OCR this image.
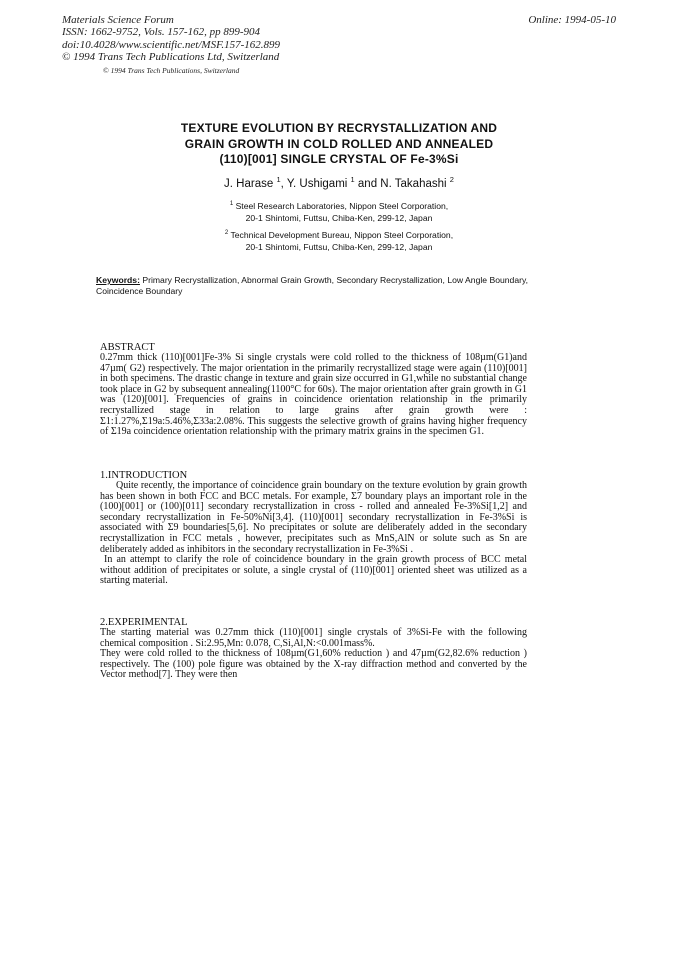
Materials Science Forum
ISSN: 1662-9752, Vols. 157-162, pp 899-904
doi:10.4028/www.scientific.net/MSF.157-162.899
© 1994 Trans Tech Publications Ltd, Switzerland
Online: 1994-05-10
© 1994 Trans Tech Publications, Switzerland
TEXTURE EVOLUTION BY RECRYSTALLIZATION AND
GRAIN GROWTH IN COLD ROLLED AND ANNEALED
(110)[001] SINGLE CRYSTAL OF Fe-3%Si
J. Harase $^1$, Y. Ushigami $^1$ and N. Takahashi $^2$
$^1$ Steel Research Laboratories, Nippon Steel Corporation,
20-1 Shintomi, Futtsu, Chiba-Ken, 299-12, Japan
$^2$ Technical Development Bureau, Nippon Steel Corporation,
20-1 Shintomi, Futtsu, Chiba-Ken, 299-12, Japan
Keywords: Primary Recrystallization, Abnormal Grain Growth, Secondary Recrystallization, Low Angle Boundary, Coincidence Boundary
ABSTRACT

0.27mm thick (110)[001]Fe-3% Si single crystals were cold rolled to the thickness of 108µm(G1)and 47µm( G2) respectively. The major orientation in the primarily recrystallized stage were again (110)[001] in both specimens. The drastic change in texture and grain size occurred in G1,while no substantial change took place in G2 by subsequent annealing(1100°C for 60s). The major orientation after grain growth in G1 was (120)[001]. Frequencies of grains in coincidence orientation relationship in the primarily recrystallized stage in relation to large grains after grain growth were : Σ1:1.27%,Σ19a:5.46%,Σ33a:2.08%. This suggests the selective growth of grains having higher frequency of Σ19a coincidence orientation relationship with the primary matrix grains in the specimen G1.

1.INTRODUCTION

Quite recently, the importance of coincidence grain boundary on the texture evolution by grain growth has been shown in both FCC and BCC metals. For example, Σ7 boundary plays an important role in the (100)[001] or (100)[011] secondary recrystallization in cross - rolled and annealed Fe-3%Si[1,2] and secondary recrystallization in Fe-50%Ni[3,4]. (110)[001] secondary recrystallization in Fe-3%Si is associated with Σ9 boundaries[5,6]. No precipitates or solute are deliberately added in the secondary recrystallization in FCC metals , however, precipitates such as MnS,AlN or solute such as Sn are deliberately added as inhibitors in the secondary recrystallization in Fe-3%Si .

In an attempt to clarify the role of coincidence boundary in the grain growth process of BCC metal without addition of precipitates or solute, a single crystal of (110)[001] oriented sheet was utilized as a starting material.

2.EXPERIMENTAL

The starting material was 0.27mm thick (110)[001] single crystals of 3%Si-Fe with the following chemical composition . Si:2.95,Mn: 0.078, C,Si,Al,N:<0.001mass%.

They were cold rolled to the thickness of 108µm(G1,60% reduction ) and 47µm(G2,82.6% reduction ) respectively. The (100) pole figure was obtained by the X-ray diffraction method and converted by the Vector method[7]. They were then
